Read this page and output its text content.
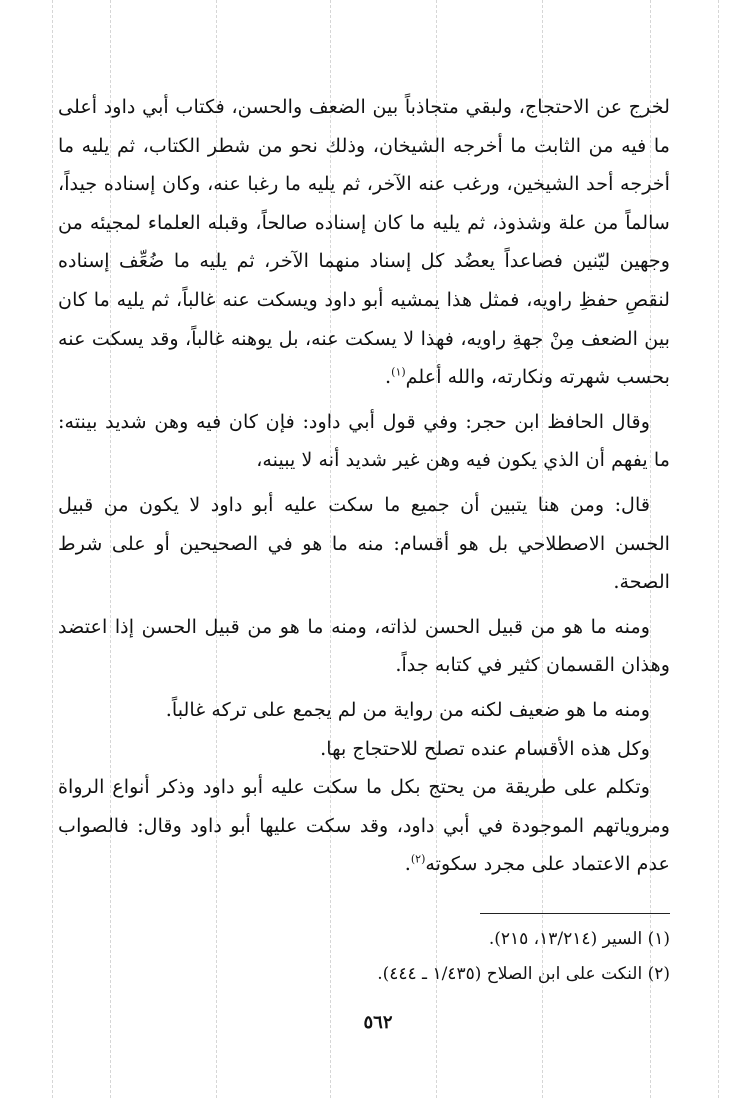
لخرج عن الاحتجاج، ولبقي متجاذباً بين الضعف والحسن، فكتاب أبي داود أعلى ما فيه من الثابت ما أخرجه الشيخان، وذلك نحو من شطر الكتاب، ثم يليه ما أخرجه أحد الشيخين، ورغب عنه الآخر، ثم يليه ما رغبا عنه، وكان إسناده جيداً، سالماً من علة وشذوذ، ثم يليه ما كان إسناده صالحاً، وقبله العلماء لمجيئه من وجهين ليّنين فصاعداً يعضُد كل إسناد منهما الآخر، ثم يليه ما ضُعِّف إسناده لنقصِ حفظِ راويه، فمثل هذا يمشيه أبو داود ويسكت عنه غالباً، ثم يليه ما كان بين الضعف مِنْ جهةِ راويه، فهذا لا يسكت عنه، بل يوهنه غالباً، وقد يسكت عنه بحسب شهرته ونكارته، والله أعلم$^{(١)}$.

وقال الحافظ ابن حجر: وفي قول أبي داود: فإن كان فيه وهن شديد بينته: ما يفهم أن الذي يكون فيه وهن غير شديد أنه لا يبينه،

قال: ومن هنا يتبين أن جميع ما سكت عليه أبو داود لا يكون من قبيل الحسن الاصطلاحي بل هو أقسام: منه ما هو في الصحيحين أو على شرط الصحة.

ومنه ما هو من قبيل الحسن لذاته، ومنه ما هو من قبيل الحسن إذا اعتضد وهذان القسمان كثير في كتابه جداً.

ومنه ما هو ضعيف لكنه من رواية من لم يجمع على تركه غالباً.

وكل هذه الأقسام عنده تصلح للاحتجاج بها.

وتكلم على طريقة من يحتج بكل ما سكت عليه أبو داود وذكر أنواع الرواة ومروياتهم الموجودة في أبي داود، وقد سكت عليها أبو داود وقال: فالصواب عدم الاعتماد على مجرد سكوته$^{(٢)}$.

(١) السير (١٣/٢١٤، ٢١٥).

(٢) النكت على ابن الصلاح (١/٤٣٥ ـ ٤٤٤).

٥٦٢
